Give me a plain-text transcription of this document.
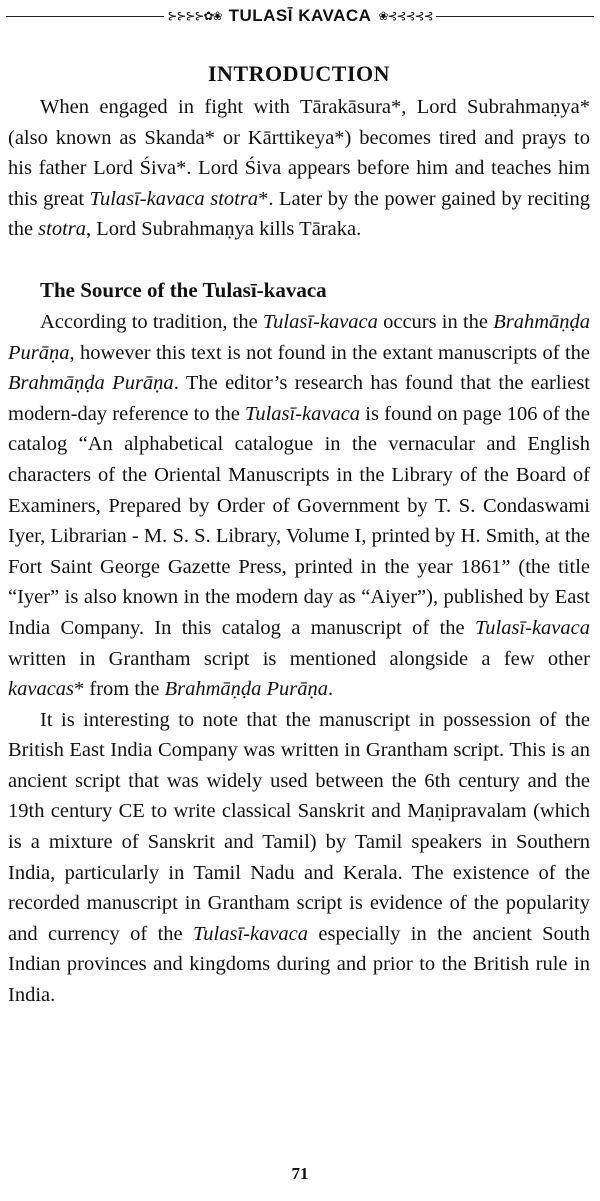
⊱⊱⊱⊱✿❀ TULASĪ KAVACA ❀⊰⊰⊰⊰⊰
INTRODUCTION

When engaged in fight with Tārakāsura*, Lord Subrahmaṇya* (also known as Skanda* or Kārttikeya*) becomes tired and prays to his father Lord Śiva*. Lord Śiva appears before him and teaches him this great Tulasī-kavaca stotra*. Later by the power gained by reciting the stotra, Lord Subrahmaṇya kills Tāraka.

The Source of the Tulasī-kavaca

According to tradition, the Tulasī-kavaca occurs in the Brahmāṇḍa Purāṇa, however this text is not found in the extant manuscripts of the Brahmāṇḍa Purāṇa. The editor’s research has found that the earliest modern-day reference to the Tulasī-kavaca is found on page 106 of the catalog “An alphabetical catalogue in the vernacular and English characters of the Oriental Manuscripts in the Library of the Board of Examiners, Prepared by Order of Government by T. S. Condaswami Iyer, Librarian - M. S. S. Library, Volume I, printed by H. Smith, at the Fort Saint George Gazette Press, printed in the year 1861” (the title “Iyer” is also known in the modern day as “Aiyer”), published by East India Company. In this catalog a manuscript of the Tulasī-kavaca written in Grantham script is mentioned alongside a few other kavacas* from the Brahmāṇḍa Purāṇa.

It is interesting to note that the manuscript in possession of the British East India Company was written in Grantham script. This is an ancient script that was widely used between the 6th century and the 19th century CE to write classical Sanskrit and Maṇipravalam (which is a mixture of Sanskrit and Tamil) by Tamil speakers in Southern India, particularly in Tamil Nadu and Kerala. The existence of the recorded manuscript in Grantham script is evidence of the popularity and currency of the Tulasī-kavaca especially in the ancient South Indian provinces and kingdoms during and prior to the British rule in India.

71
